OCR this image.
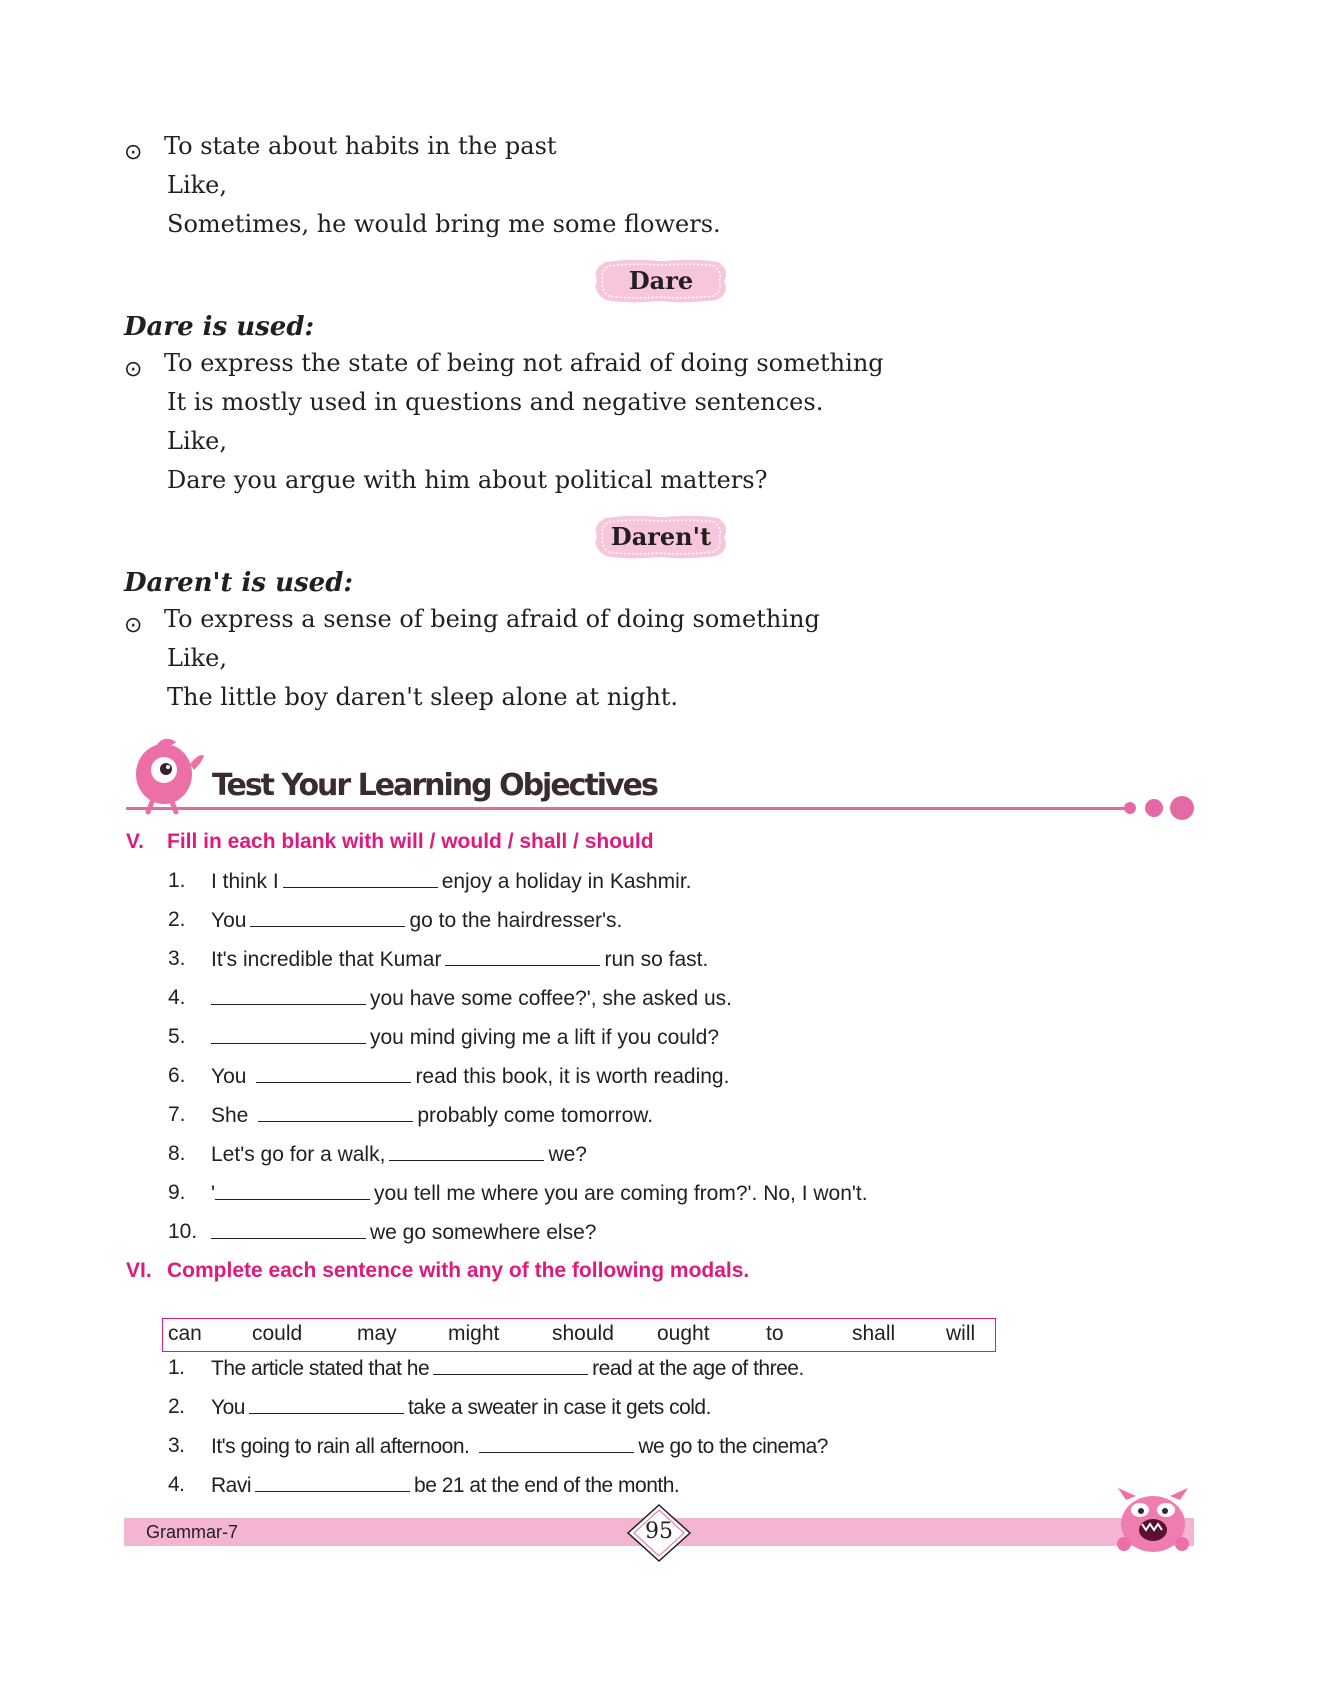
⊙ To state about habits in the past
Like,
Sometimes, he would bring me some flowers.
Dare
Dare is used:
⊙ To express the state of being not afraid of doing something
It is mostly used in questions and negative sentences.
Like,
Dare you argue with him about political matters?
Daren't
Daren't is used:
⊙ To express a sense of being afraid of doing something
Like,
The little boy daren't sleep alone at night.
Test Your Learning Objectives
V. Fill in each blank with will / would / shall / should
1.	I think I	enjoy a holiday in Kashmir.
2.	You	go to the hairdresser's.
3.	It's incredible that Kumar	run so fast.
4.	you have some coffee?', she asked us.
5.	you mind giving me a lift if you could?
6.	You	read this book, it is worth reading.
7.	She	probably come tomorrow.
8.	Let's go for a walk,	we?
9.	'	you tell me where you are coming from?'. No, I won't.
10.	we go somewhere else?
VI. Complete each sentence with any of the following modals.
can could	may might	should ought	to	shall will
1.	The article stated that he	read at the age of three.
2.	You	take a sweater in case it gets cold.
3.	It's going to rain all afternoon.	we go to the cinema?
4.	Ravi	be 21 at the end of the month.
Grammar-7	95
